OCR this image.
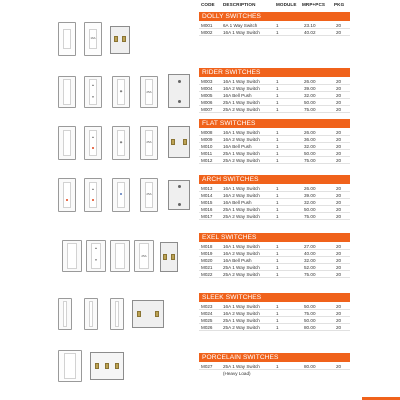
CODE DESCRIPTION	MODULE MRP+PCS PKG
16A
▲
▼
◉	25A
▲
◉	25A
▲
25A
▲
▼
25A
DOLLY SWITCHES
RIDER SWITCHES
FLAT SWITCHES
ARCH SWITCHES
EXEL SWITCHES
SLEEK SWITCHES
PORCELAIN SWITCHES
M001 6A 1 Way Switch	1	23.10	20
M002 16A 1 Way Switch	1	40.02	20
M003 16A 1 Way Switch	1	26.00	20
M004 16A 2 Way Switch	1	39.00	20
M005 16A Bell Push	1	32.00	20
M006 25A 1 Way Switch	1	50.00	20
M007 25A 2 Way Switch	1	75.00	20
M008 16A 1 Way Switch	1	26.00	20
M009 16A 2 Way Switch	1	36.00	20
M010 16A Bell Push	1	32.00	20
M011 25A 1 Way Switch	1	50.00	20
M012 25A 2 Way Switch	1	75.00	20
M013 16A 1 Way Switch	1	26.00	20
M014 16A 2 Way Switch	1	39.00	20
M015 16A Bell Push	1	32.00	20
M016 25A 1 Way Switch	1	50.00	20
M017 25A 2 Way Switch	1	75.00	20
M018 16A 1 Way Switch	1	27.00	20
M019 16A 2 Way Switch	1	40.00	20
M020 16A Bell Push	1	32.00	20
M021 25A 1 Way Switch	1	52.00	20
M022 25A 2 Way Switch	1	75.00	20
M023 16A 1 Way Switch	1	50.00	20
M024 16A 2 Way Switch	1	75.00	20
M025 25A 1 Way Switch	1	50.00	20
M026 25A 2 Way Switch	1	80.00	20
M027 25A 1 Way Switch	1	80.00	20
(Heavy Load)
